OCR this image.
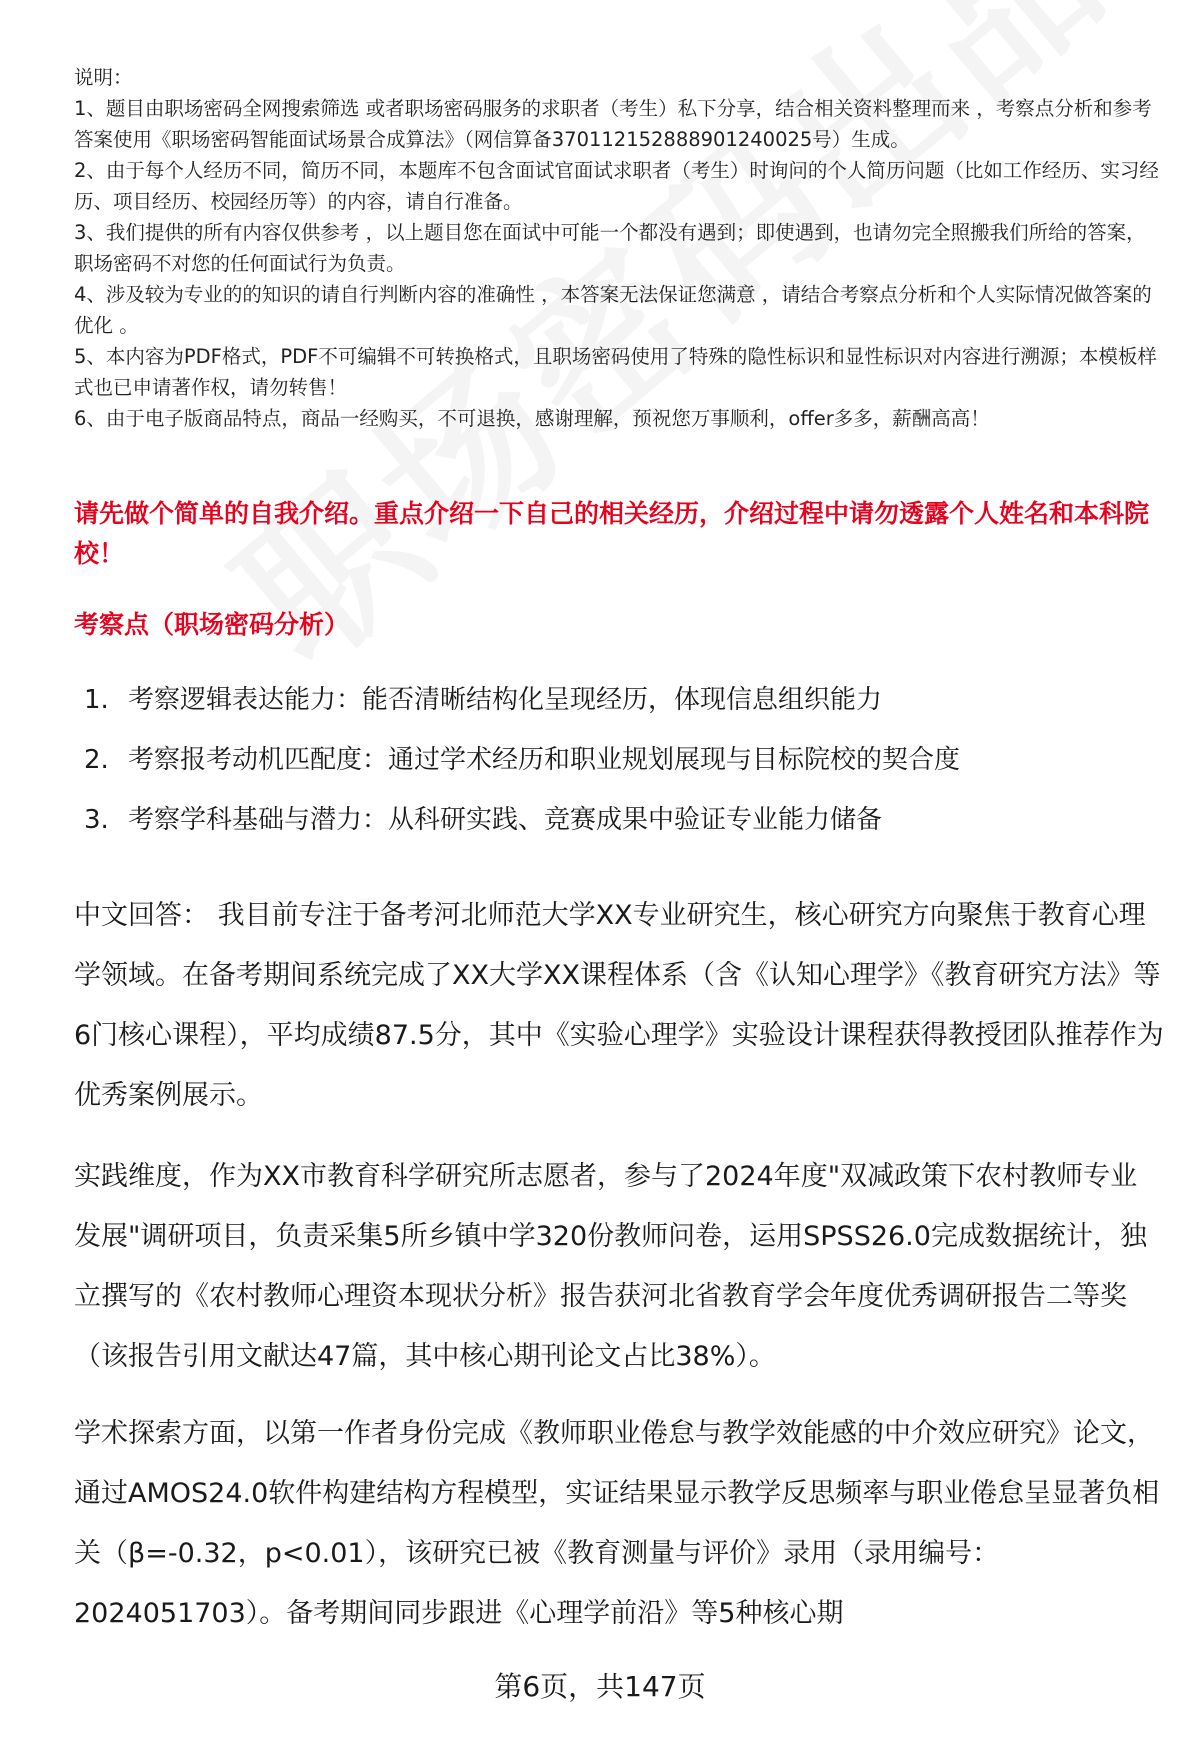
说明：

1、题目由职场密码全网搜索筛选 或者职场密码服务的求职者（考生）私下分享，结合相关资料整理而来 ，考察点分析和参考答案使用《职场密码智能面试场景合成算法》（网信算备370112152888901240025号）生成。

2、由于每个人经历不同，简历不同，本题库不包含面试官面试求职者（考生）时询问的个人简历问题（比如工作经历、实习经历、项目经历、校园经历等）的内容，请自行准备。

3、我们提供的所有内容仅供参考 ，以上题目您在面试中可能一个都没有遇到；即使遇到，也请勿完全照搬我们所给的答案，职场密码不对您的任何面试行为负责。

4、涉及较为专业的的知识的请自行判断内容的准确性 ，本答案无法保证您满意 ，请结合考察点分析和个人实际情况做答案的优化 。

5、本内容为PDF格式，PDF不可编辑不可转换格式，且职场密码使用了特殊的隐性标识和显性标识对内容进行溯源；本模板样式也已申请著作权，请勿转售！

6、由于电子版商品特点，商品一经购买，不可退换，感谢理解，预祝您万事顺利，offer多多，薪酬高高！

请先做个简单的自我介绍。重点介绍一下自己的相关经历，介绍过程中请勿透露个人姓名和本科院校！
考察点（职场密码分析）
1. 考察逻辑表达能力：能否清晰结构化呈现经历，体现信息组织能力
2. 考察报考动机匹配度：通过学术经历和职业规划展现与目标院校的契合度
3. 考察学科基础与潜力：从科研实践、竞赛成果中验证专业能力储备

中文回答： 我目前专注于备考河北师范大学XX专业研究生，核心研究方向聚焦于教育心理学领域。在备考期间系统完成了XX大学XX课程体系（含《认知心理学》《教育研究方法》等6门核心课程），平均成绩87.5分，其中《实验心理学》实验设计课程获得教授团队推荐作为优秀案例展示。

实践维度，作为XX市教育科学研究所志愿者，参与了2024年度"双减政策下农村教师专业发展"调研项目，负责采集5所乡镇中学320份教师问卷，运用SPSS26.0完成数据统计，独立撰写的《农村教师心理资本现状分析》报告获河北省教育学会年度优秀调研报告二等奖（该报告引用文献达47篇，其中核心期刊论文占比38%）。

学术探索方面，以第一作者身份完成《教师职业倦怠与教学效能感的中介效应研究》论文，通过AMOS24.0软件构建结构方程模型，实证结果显示教学反思频率与职业倦怠呈显著负相关（β=-0.32，p<0.01），该研究已被《教育测量与评价》录用（录用编号：2024051703）。备考期间同步跟进《心理学前沿》等5种核心期

第6页，共147页
